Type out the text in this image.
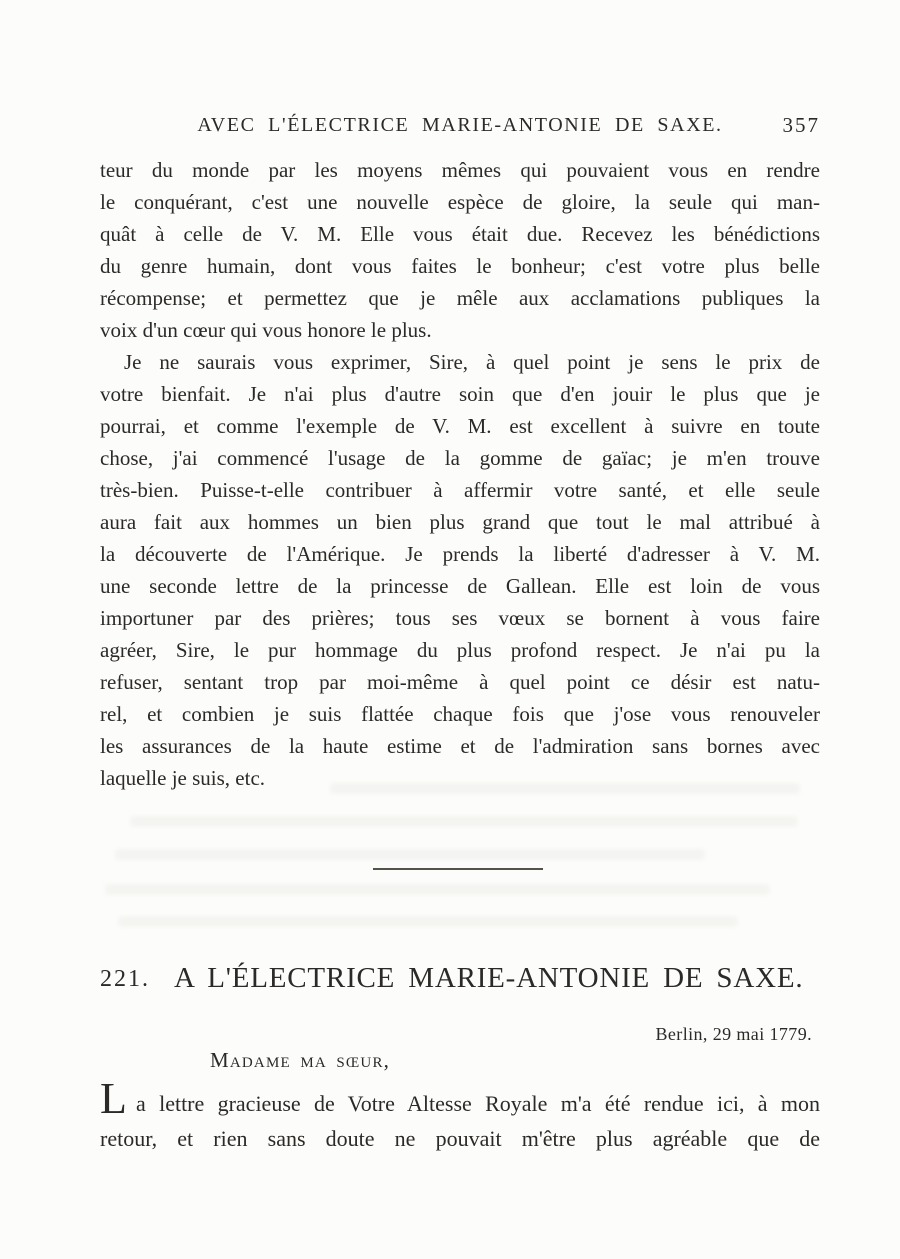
AVEC L'ÉLECTRICE MARIE-ANTONIE DE SAXE.	357
teur du monde par les moyens mêmes qui pouvaient vous en rendre
le conquérant, c'est une nouvelle espèce de gloire, la seule qui man-
quât à celle de V. M. Elle vous était due. Recevez les bénédictions
du genre humain, dont vous faites le bonheur; c'est votre plus belle
récompense; et permettez que je mêle aux acclamations publiques la
voix d'un cœur qui vous honore le plus.
Je ne saurais vous exprimer, Sire, à quel point je sens le prix de
votre bienfait. Je n'ai plus d'autre soin que d'en jouir le plus que je
pourrai, et comme l'exemple de V. M. est excellent à suivre en toute
chose, j'ai commencé l'usage de la gomme de gaïac; je m'en trouve
très-bien. Puisse-t-elle contribuer à affermir votre santé, et elle seule
aura fait aux hommes un bien plus grand que tout le mal attribué à
la découverte de l'Amérique. Je prends la liberté d'adresser à V. M.
une seconde lettre de la princesse de Gallean. Elle est loin de vous
importuner par des prières; tous ses vœux se bornent à vous faire
agréer, Sire, le pur hommage du plus profond respect. Je n'ai pu la
refuser, sentant trop par moi-même à quel point ce désir est natu-
rel, et combien je suis flattée chaque fois que j'ose vous renouveler
les assurances de la haute estime et de l'admiration sans bornes avec
laquelle je suis, etc.
221. A L'ÉLECTRICE MARIE-ANTONIE DE SAXE.
Berlin, 29 mai 1779.
Madame ma sœur,
L a lettre gracieuse de Votre Altesse Royale m'a été rendue ici, à mon
retour, et rien sans doute ne pouvait m'être plus agréable que de
